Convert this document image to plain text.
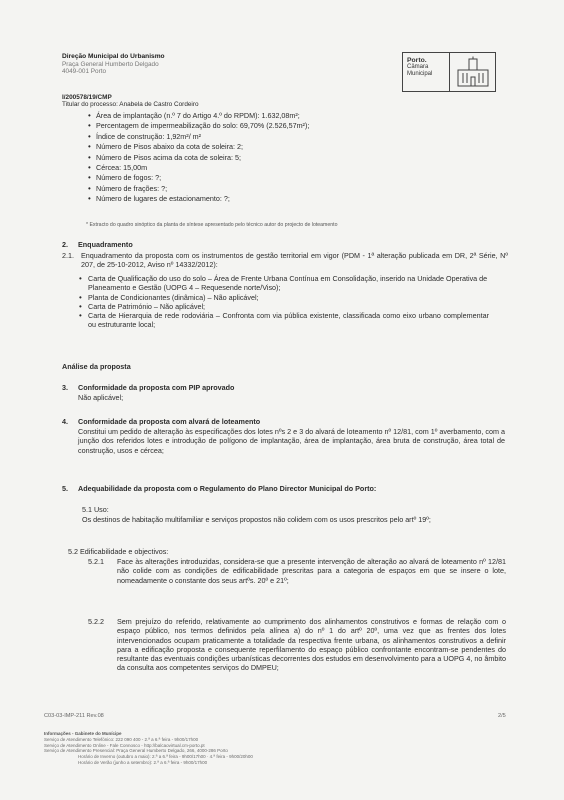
Direção Municipal do Urbanismo
Praça General Humberto Delgado
4049-001 Porto
Porto.
Câmara
Municipal
I/200578/19/CMP
Titular do processo: Anabela de Castro Cordeiro
• Área de implantação (n.º 7 do Artigo 4.º do RPDM): 1.632,08m²;
• Percentagem de impermeabilização do solo: 69,70% (2.526,57m²);
• Índice de construção: 1,92m²/ m²
• Número de Pisos abaixo da cota de soleira: 2;
• Número de Pisos acima da cota de soleira: 5;
• Cércea: 15,00m
• Número de fogos: ?;
• Número de frações: ?;
• Número de lugares de estacionamento: ?;
* Extracto do quadro sinóptico da planta de síntese apresentado pelo técnico autor do projecto de loteamento
2. Enquadramento
2.1. Enquadramento da proposta com os instrumentos de gestão territorial em vigor (PDM - 1ª alteração publicada em DR, 2ª Série, Nº 207, de 25-10-2012, Aviso nº 14332/2012):
• Carta de Qualificação do uso do solo – Área de Frente Urbana Contínua em Consolidação, inserido na Unidade Operativa de Planeamento e Gestão (UOPG 4 – Requesende norte/Viso);
• Planta de Condicionantes (dinâmica) – Não aplicável;
• Carta de Património – Não aplicável;
• Carta de Hierarquia de rede rodoviária – Confronta com via pública existente, classificada como eixo urbano complementar ou estruturante local;
Análise da proposta
3. Conformidade da proposta com PIP aprovado
Não aplicável;
4. Conformidade da proposta com alvará de loteamento
Constitui um pedido de alteração às especificações dos lotes nºs 2 e 3 do alvará de loteamento nº 12/81, com 1º averbamento, com a junção dos referidos lotes e introdução de polígono de implantação, área de implantação, área bruta de construção, área total de construção, usos e cércea;
5. Adequabilidade da proposta com o Regulamento do Plano Director Municipal do Porto:
5.1 Uso:
Os destinos de habitação multifamiliar e serviços propostos não colidem com os usos prescritos pelo artº 19º;
5.2 Edificabilidade e objectivos:
5.2.1	Face às alterações introduzidas, considera-se que a presente intervenção de alteração ao alvará de loteamento nº 12/81 não colide com as condições de edificabilidade prescritas para a categoria de espaços em que se insere o lote, nomeadamente o constante dos seus artºs. 20º e 21º;
5.2.2	Sem prejuízo do referido, relativamente ao cumprimento dos alinhamentos construtivos e formas de relação com o espaço público, nos termos definidos pela alínea a) do nº 1 do artº 20º, uma vez que as frentes dos lotes intervencionados ocupam praticamente a totalidade da respectiva frente urbana, os alinhamentos construtivos a definir para a edificação proposta e consequente reperfilamento do espaço público confrontante encontram-se pendentes do resultante das eventuais condições urbanísticas decorrentes dos estudos em desenvolvimento para a UOPG 4, no âmbito da consulta aos competentes serviços do DMPEU;
C03-03-IMP-211 Rev.08	2/5
Informações - Gabinete do Munícipe
Serviço de Atendimento Telefónico: 222 090 400 - 2.ª a 6.ª feira - 9h00/17h00
Serviço de Atendimento Online - Fale Connosco - http://balcaovirtual.cm-porto.pt
Serviço de Atendimento Presencial: Praça General Humberto Delgado, 266, 4000-286 Porto
Horário de Inverno (outubro a maio): 2.ª a 6.ª feira - 9h00/17h00 · 4.ª feira - 9h00/20h00
Horário de Verão (junho a setembro): 2.ª a 6.ª feira - 9h00/17h00
